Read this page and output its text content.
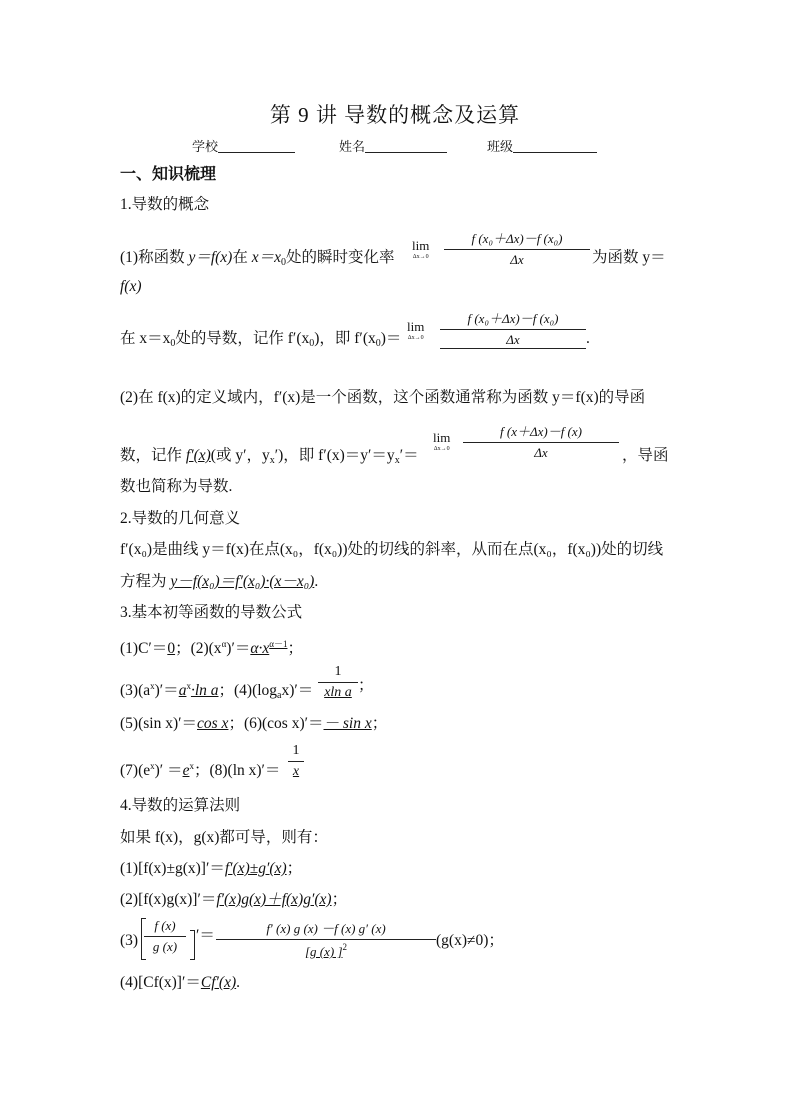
第 9 讲 导数的概念及运算
学校	姓名	班级
一、知识梳理
1.导数的概念
(1)称函数 y＝f(x)在 $x=x_0$处的瞬时变化率
lim
$\Delta x\to 0 \frac{\text{f (x₀＋Δx)－f (x₀)}}{\Delta x}$ 为函数 y＝
f(x)
在 $x=x_0$处的导数，记作 $f'(x_0)$，即 $f'(x_0)=$
lim
$\Delta x\to 0 \frac{\text{f (x₀＋Δx)－f (x₀)}}{\Delta x}$ .
(2)在 f(x)的定义域内，f′(x)是一个函数，这个函数通常称为函数 y＝f(x)的导函
数，记作 f′(x)(或 y′，$y_x'$)，即 $f'(x)=y'=y_x'=$
lim
$\Delta x\to 0 \frac{f (x+\Delta x)-f (x)}{\Delta x}$ ，导函
数也简称为导数.
2.导数的几何意义
f′(x₀)是曲线 y＝f(x)在点(x₀，f(x₀))处的切线的斜率，从而在点(x₀，f(x₀))处的切线
方程为 y－f(x₀)＝f′(x₀)·(x－x₀).
3.基本初等函数的导数公式
(1)C′＝0；$(2)(x^\alpha)'=\alpha\cdot x^{\alpha-1}$；
$(3)(a^x)'=a^x\cdot\ln$ a；$(4)(\log_ax)'= \frac{1}{\text{xln a}}$ ；
(5)(sin x)′＝cos x；(6)(cos x)′＝－ sin x；
$(7)(e^x)' =e^x$；(8)(ln $x)'= \frac{1}{x}$
4.导数的运算法则
如果 f(x)，g(x)都可导，则有：
(1)[f(x)±g(x)]′＝f′(x)±g′(x)；
(2)[f(x)g(x)]′＝f′(x)g(x)＋f(x)g′(x)；
$(3) \frac{f (x)}{g (x)}$ ′＝ $\frac{f' (x) g (x) -f (x) g' (x)}{[g (x) ]^2} (g(x)\ne 0)$；
(4)[Cf(x)]′＝Cf′(x).
